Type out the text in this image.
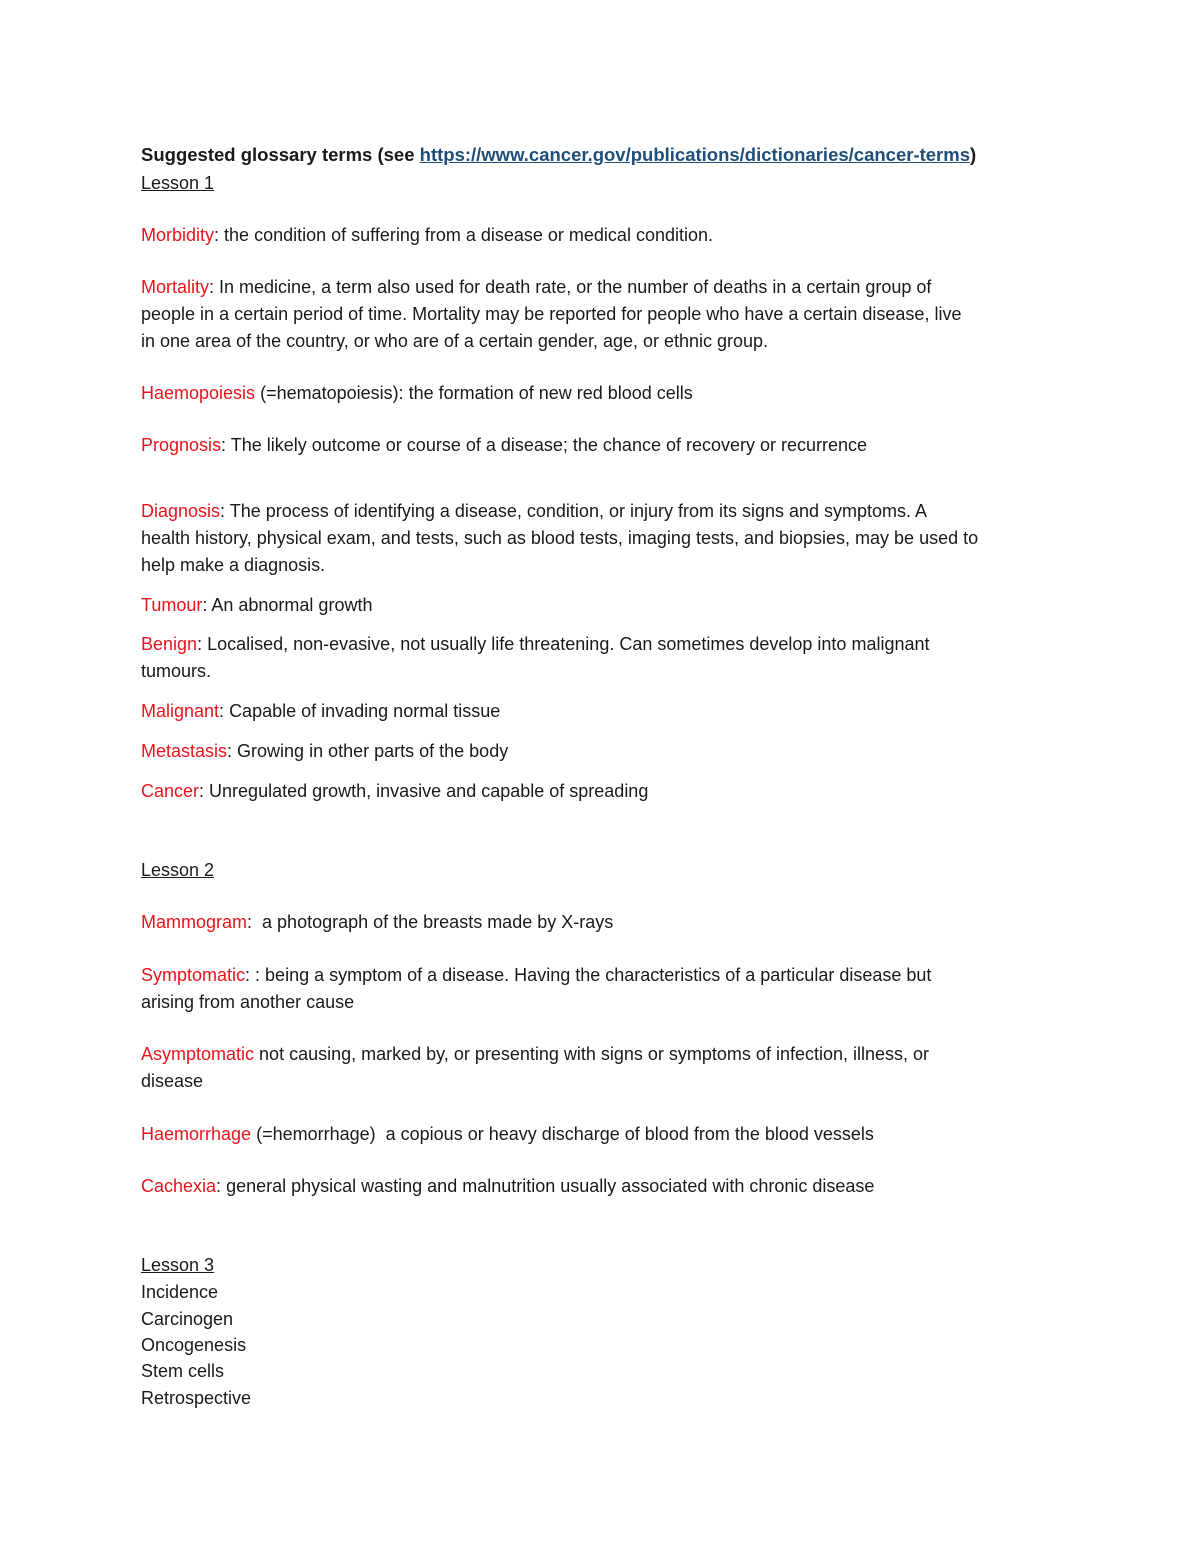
Suggested glossary terms (see https://www.cancer.gov/publications/dictionaries/cancer-terms)
Lesson 1
Morbidity: the condition of suffering from a disease or medical condition.
Mortality: In medicine, a term also used for death rate, or the number of deaths in a certain group of
people in a certain period of time. Mortality may be reported for people who have a certain disease, live
in one area of the country, or who are of a certain gender, age, or ethnic group.
Haemopoiesis (=hematopoiesis): the formation of new red blood cells
Prognosis: The likely outcome or course of a disease; the chance of recovery or recurrence
Diagnosis: The process of identifying a disease, condition, or injury from its signs and symptoms. A
health history, physical exam, and tests, such as blood tests, imaging tests, and biopsies, may be used to
help make a diagnosis.
Tumour: An abnormal growth
Benign: Localised, non-evasive, not usually life threatening. Can sometimes develop into malignant
tumours.
Malignant: Capable of invading normal tissue
Metastasis: Growing in other parts of the body
Cancer: Unregulated growth, invasive and capable of spreading
Lesson 2
Mammogram:  a photograph of the breasts made by X-rays
Symptomatic: : being a symptom of a disease. Having the characteristics of a particular disease but
arising from another cause
Asymptomatic not causing, marked by, or presenting with signs or symptoms of infection, illness, or
disease
Haemorrhage (=hemorrhage)  a copious or heavy discharge of blood from the blood vessels
Cachexia: general physical wasting and malnutrition usually associated with chronic disease
Lesson 3
Incidence
Carcinogen
Oncogenesis
Stem cells
Retrospective
